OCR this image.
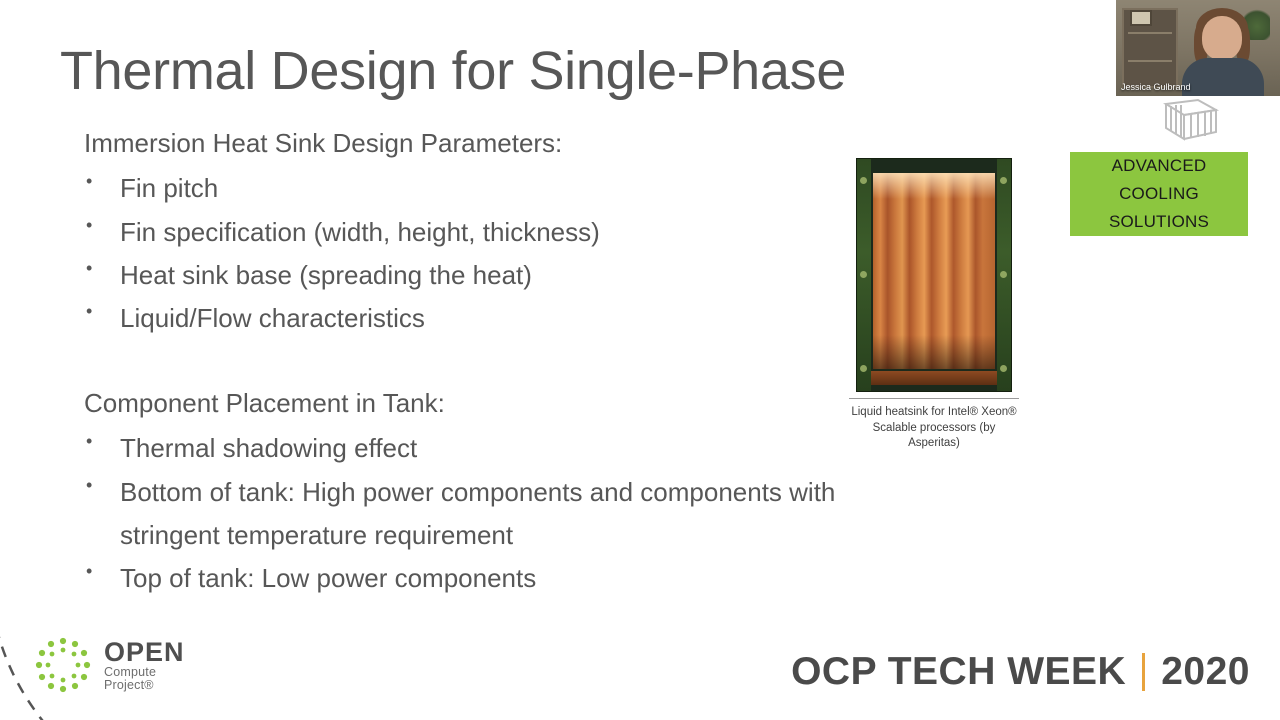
Thermal Design for Single-Phase
Immersion Heat Sink Design Parameters:
• Fin pitch
• Fin specification (width, height, thickness)
• Heat sink base (spreading the heat)
• Liquid/Flow characteristics
Component Placement in Tank:
• Thermal shadowing effect
• Bottom of tank: High power components and components with
stringent temperature requirement
• Top of tank: Low power components
Liquid heatsink for Intel® Xeon®
Scalable processors (by
Asperitas)
Jessica Gulbrand
ADVANCED
COOLING
SOLUTIONS
OPEN
Compute
Project®	OCP TECH WEEK 2020
